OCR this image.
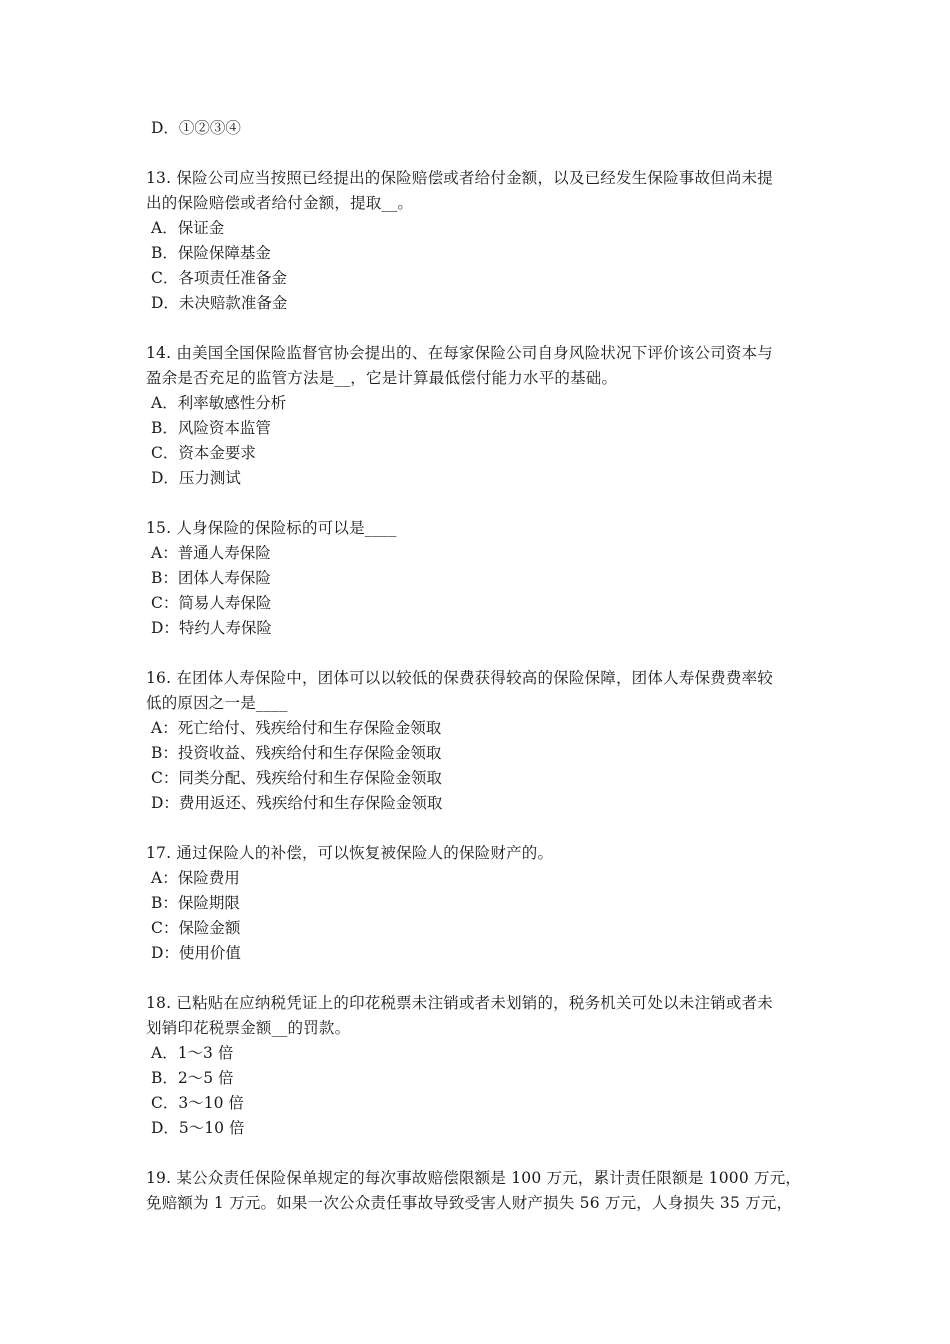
D．①②③④
13. 保险公司应当按照已经提出的保险赔偿或者给付金额，以及已经发生保险事故但尚未提
出的保险赔偿或者给付金额，提取__。
A．保证金
B．保险保障基金
C．各项责任准备金
D．未决赔款准备金
14. 由美国全国保险监督官协会提出的、在每家保险公司自身风险状况下评价该公司资本与
盈余是否充足的监管方法是__，它是计算最低偿付能力水平的基础。
A．利率敏感性分析
B．风险资本监管
C．资本金要求
D．压力测试
15. 人身保险的保险标的可以是____
A：普通人寿保险
B：团体人寿保险
C：简易人寿保险
D：特约人寿保险
16. 在团体人寿保险中，团体可以以较低的保费获得较高的保险保障，团体人寿保费费率较
低的原因之一是____
A：死亡给付、残疾给付和生存保险金领取
B：投资收益、残疾给付和生存保险金领取
C：同类分配、残疾给付和生存保险金领取
D：费用返还、残疾给付和生存保险金领取
17. 通过保险人的补偿，可以恢复被保险人的保险财产的。
A：保险费用
B：保险期限
C：保险金额
D：使用价值
18. 已粘贴在应纳税凭证上的印花税票未注销或者未划销的，税务机关可处以未注销或者未
划销印花税票金额__的罚款。
A．1～3 倍
B．2～5 倍
C．3～10 倍
D．5～10 倍
19. 某公众责任保险保单规定的每次事故赔偿限额是 100 万元，累计责任限额是 1000 万元，
免赔额为 1 万元。如果一次公众责任事故导致受害人财产损失 56 万元，人身损失 35 万元，
